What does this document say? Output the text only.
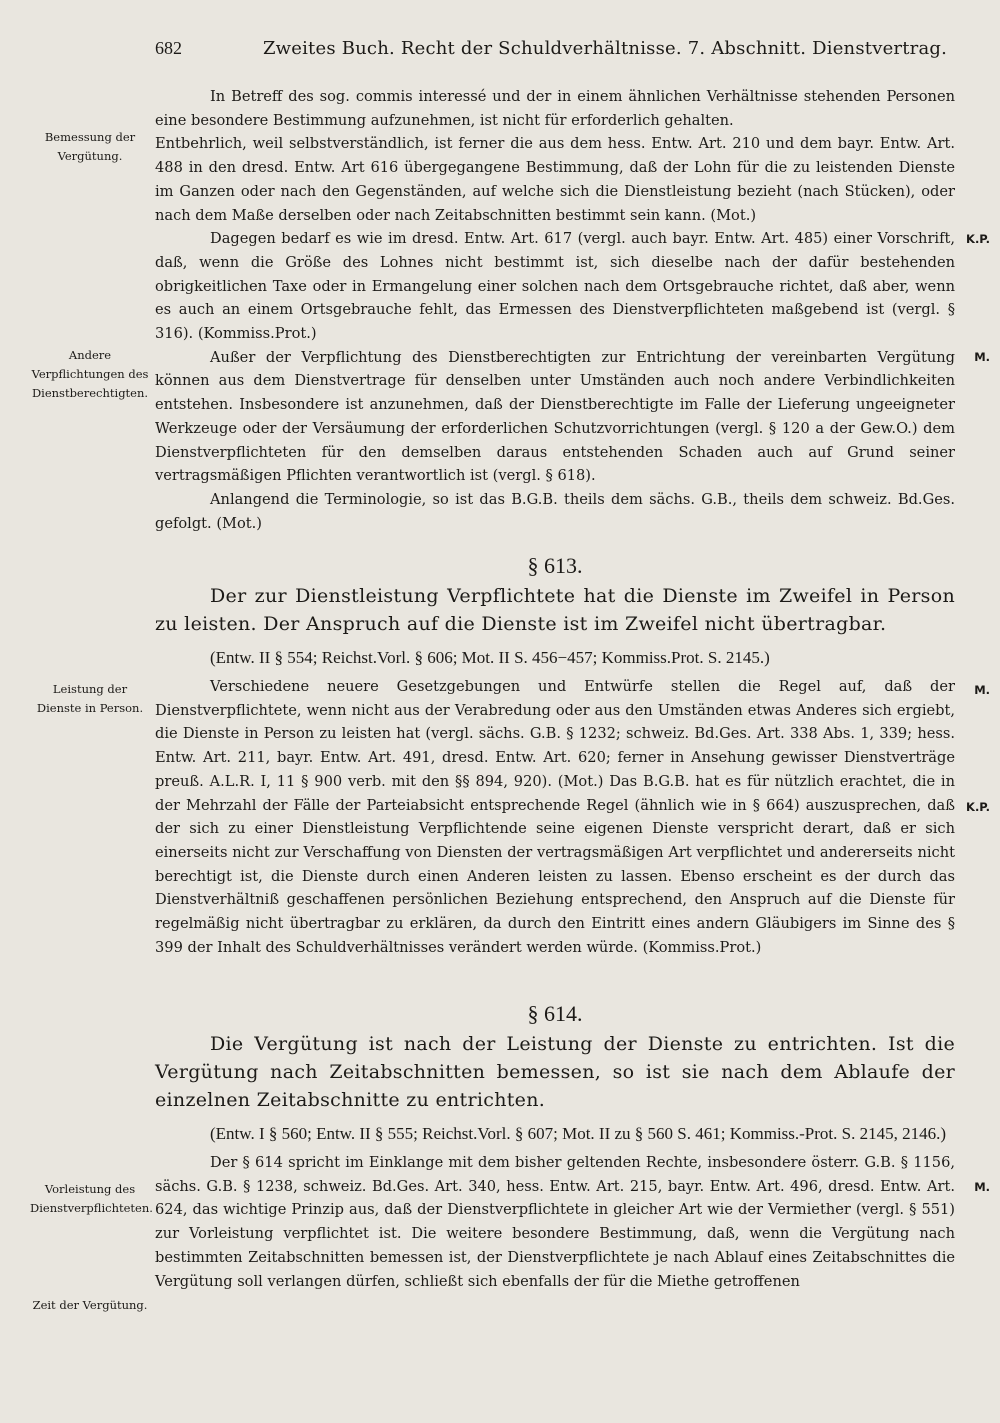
682	Zweites Buch. Recht der Schuldverhältnisse. 7. Abschnitt. Dienstvertrag.
Bemessung der Vergütung.
Andere Verpflichtungen des Dienstberechtigten.
Leistung der Dienste in Person.
Vorleistung des Dienstverpflichteten.
Zeit der Vergütung.
K.P.
M.
M.
K.P.
M.

In Betreff des sog. commis interessé und der in einem ähnlichen Verhältnisse stehenden Personen eine besondere Bestimmung aufzunehmen, ist nicht für erforderlich gehalten.

Entbehrlich, weil selbstverständlich, ist ferner die aus dem hess. Entw. Art. 210 und dem bayr. Entw. Art. 488 in den dresd. Entw. Art 616 übergegangene Bestimmung, daß der Lohn für die zu leistenden Dienste im Ganzen oder nach den Gegenständen, auf welche sich die Dienstleistung bezieht (nach Stücken), oder nach dem Maße derselben oder nach Zeitabschnitten bestimmt sein kann. (Mot.)

Dagegen bedarf es wie im dresd. Entw. Art. 617 (vergl. auch bayr. Entw. Art. 485) einer Vorschrift, daß, wenn die Größe des Lohnes nicht bestimmt ist, sich dieselbe nach der dafür bestehenden obrigkeitlichen Taxe oder in Ermangelung einer solchen nach dem Ortsgebrauche richtet, daß aber, wenn es auch an einem Ortsgebrauche fehlt, das Ermessen des Dienstverpflichteten maßgebend ist (vergl. § 316). (Kommiss.Prot.)

Außer der Verpflichtung des Dienstberechtigten zur Entrichtung der vereinbarten Vergütung können aus dem Dienstvertrage für denselben unter Umständen auch noch andere Verbindlichkeiten entstehen. Insbesondere ist anzunehmen, daß der Dienstberechtigte im Falle der Lieferung ungeeigneter Werkzeuge oder der Versäumung der erforderlichen Schutzvorrichtungen (vergl. § 120 a der Gew.O.) dem Dienstverpflichteten für den demselben daraus entstehenden Schaden auch auf Grund seiner vertragsmäßigen Pflichten verantwortlich ist (vergl. § 618).

Anlangend die Terminologie, so ist das B.G.B. theils dem sächs. G.B., theils dem schweiz. Bd.Ges. gefolgt. (Mot.)

§ 613.

Der zur Dienstleistung Verpflichtete hat die Dienste im Zweifel in Person zu leisten. Der Anspruch auf die Dienste ist im Zweifel nicht übertragbar.

(Entw. II § 554; Reichst.Vorl. § 606; Mot. II S. 456−457; Kommiss.Prot. S. 2145.)

Verschiedene neuere Gesetzgebungen und Entwürfe stellen die Regel auf, daß der Dienstverpflichtete, wenn nicht aus der Verabredung oder aus den Umständen etwas Anderes sich ergiebt, die Dienste in Person zu leisten hat (vergl. sächs. G.B. § 1232; schweiz. Bd.Ges. Art. 338 Abs. 1, 339; hess. Entw. Art. 211, bayr. Entw. Art. 491, dresd. Entw. Art. 620; ferner in Ansehung gewisser Dienstverträge preuß. A.L.R. I, 11 § 900 verb. mit den §§ 894, 920). (Mot.) Das B.G.B. hat es für nützlich erachtet, die in der Mehrzahl der Fälle der Parteiabsicht entsprechende Regel (ähnlich wie in § 664) auszusprechen, daß der sich zu einer Dienstleistung Verpflichtende seine eigenen Dienste verspricht derart, daß er sich einerseits nicht zur Verschaffung von Diensten der vertragsmäßigen Art verpflichtet und andererseits nicht berechtigt ist, die Dienste durch einen Anderen leisten zu lassen. Ebenso erscheint es der durch das Dienstverhältniß geschaffenen persönlichen Beziehung entsprechend, den Anspruch auf die Dienste für regelmäßig nicht übertragbar zu erklären, da durch den Eintritt eines andern Gläubigers im Sinne des § 399 der Inhalt des Schuldverhältnisses verändert werden würde. (Kommiss.Prot.)

§ 614.

Die Vergütung ist nach der Leistung der Dienste zu entrichten. Ist die Vergütung nach Zeitabschnitten bemessen, so ist sie nach dem Ablaufe der einzelnen Zeitabschnitte zu entrichten.

(Entw. I § 560; Entw. II § 555; Reichst.Vorl. § 607; Mot. II zu § 560 S. 461; Kommiss.-Prot. S. 2145, 2146.)

Der § 614 spricht im Einklange mit dem bisher geltenden Rechte, insbesondere österr. G.B. § 1156, sächs. G.B. § 1238, schweiz. Bd.Ges. Art. 340, hess. Entw. Art. 215, bayr. Entw. Art. 496, dresd. Entw. Art. 624, das wichtige Prinzip aus, daß der Dienstverpflichtete in gleicher Art wie der Vermiether (vergl. § 551) zur Vorleistung verpflichtet ist. Die weitere besondere Bestimmung, daß, wenn die Vergütung nach bestimmten Zeitabschnitten bemessen ist, der Dienstverpflichtete je nach Ablauf eines Zeitabschnittes die Vergütung soll verlangen dürfen, schließt sich ebenfalls der für die Miethe getroffenen
